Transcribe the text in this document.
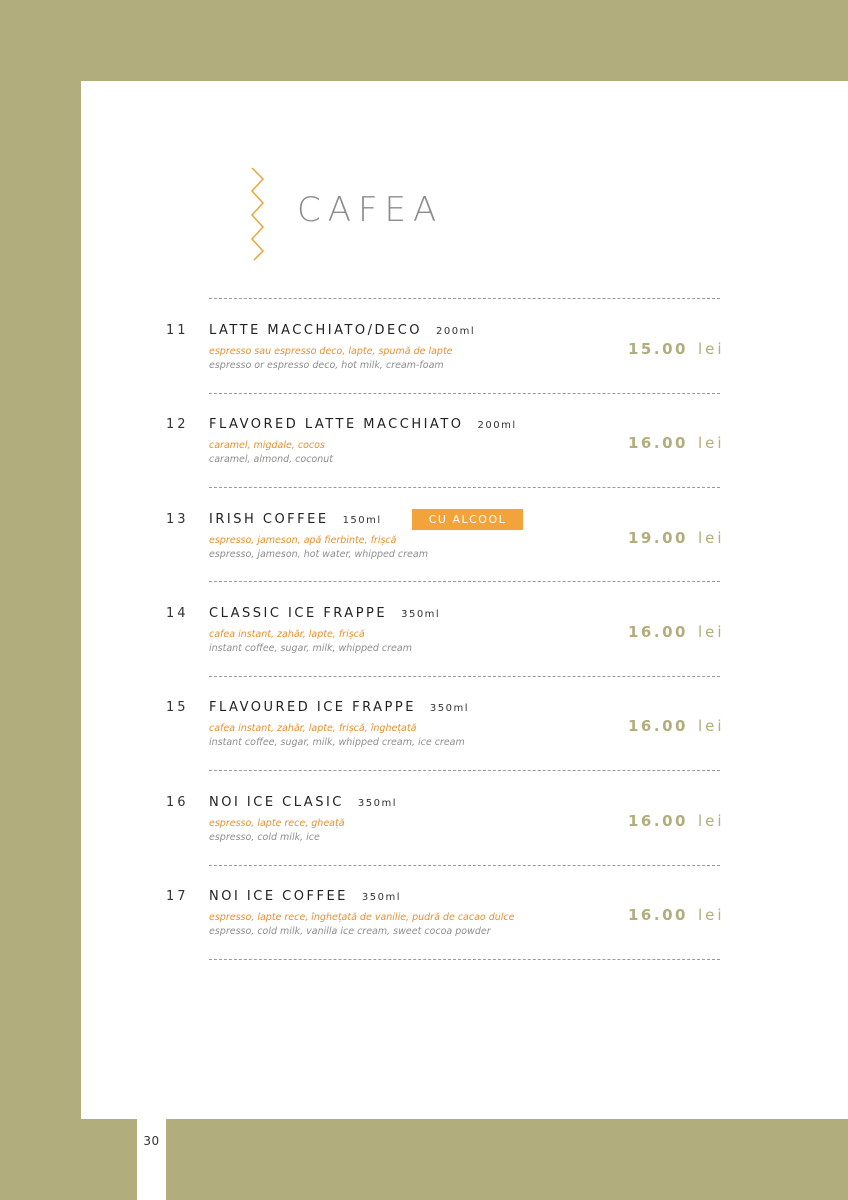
CAFEA
11 LATTE MACCHIATO/DECO 200ml
espresso sau espresso deco, lapte, spumă de lapte
espresso or espresso deco, hot milk, cream-foam
15.00 lei
12 FLAVORED LATTE MACCHIATO 200ml
caramel, migdale, cocos
caramel, almond, coconut
16.00 lei
13 IRISH COFFEE 150ml	CU ALCOOL
espresso, jameson, apă fierbinte, frișcă
espresso, jameson, hot water, whipped cream
19.00 lei
14 CLASSIC ICE FRAPPE 350ml
cafea instant, zahăr, lapte, frișcă
instant coffee, sugar, milk, whipped cream
16.00 lei
15 FLAVOURED ICE FRAPPE 350ml
cafea instant, zahăr, lapte, frișcă, înghețată
instant coffee, sugar, milk, whipped cream, ice cream
16.00 lei
16 NOI ICE CLASIC 350ml
espresso, lapte rece, gheață
espresso, cold milk, ice
16.00 lei
17 NOI ICE COFFEE 350ml
espresso, lapte rece, înghețată de vanilie, pudră de cacao dulce
espresso, cold milk, vanilla ice cream, sweet cocoa powder
16.00 lei
30
